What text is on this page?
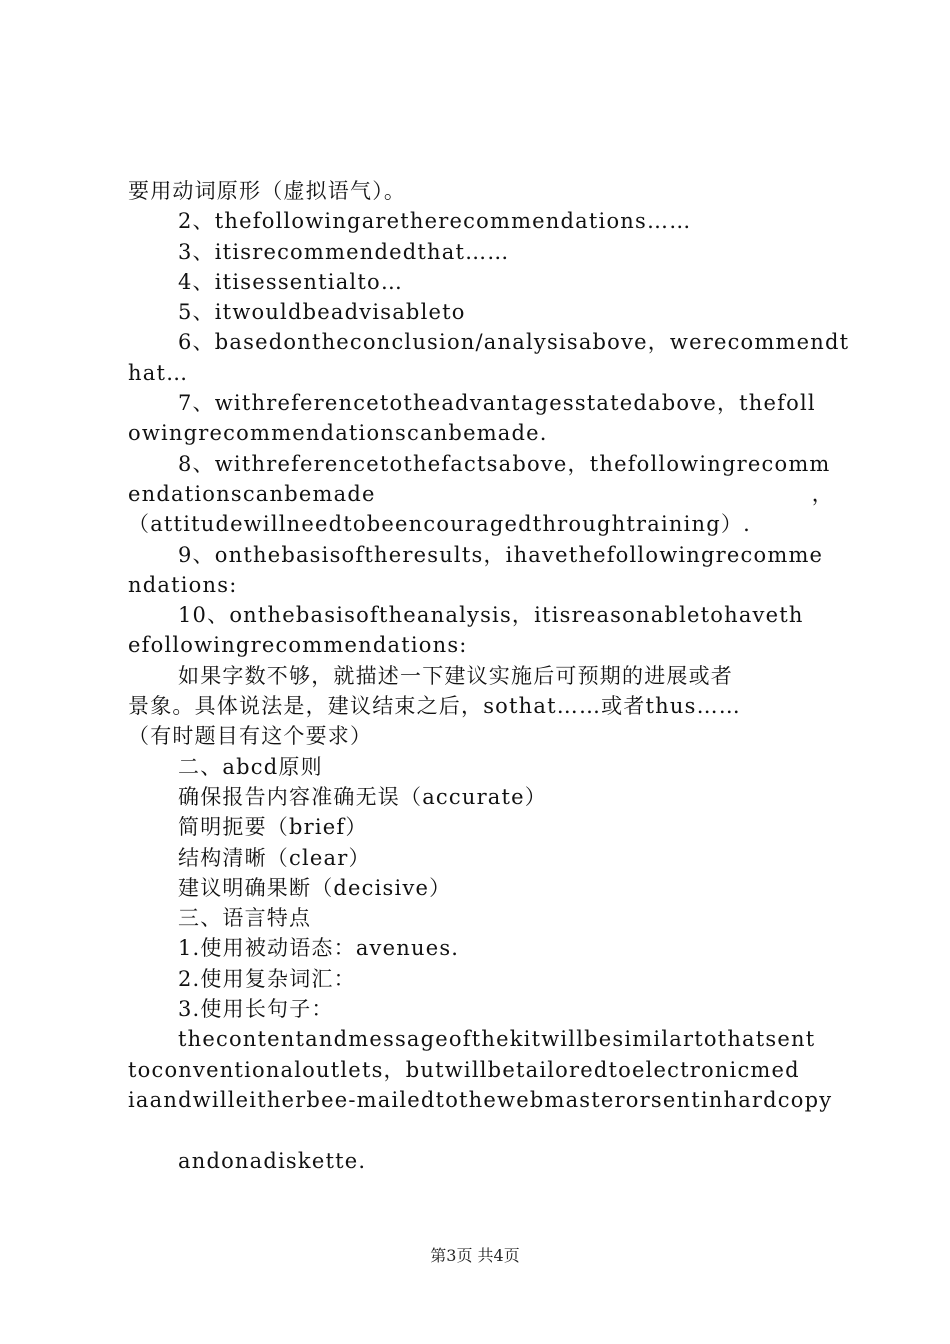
要用动词原形（虚拟语气）。
2、thefollowingaretherecommendations……
3、itisrecommendedthat……
4、itisessentialto…
5、itwouldbeadvisableto
6、basedontheconclusion/analysisabove，werecommendt
hat…
7、withreferencetotheadvantagesstatedabove，thefoll
owingrecommendationscanbemade.
8、withreferencetothefactsabove，thefollowingrecomm
endationscanbemade	，
（attitudewillneedtobeencouragedthroughtraining）.
9、onthebasisoftheresults，ihavethefollowingrecomme
ndations:
10、onthebasisoftheanalysis，itisreasonabletohaveth
efollowingrecommendations:
如果字数不够，就描述一下建议实施后可预期的进展或者
景象。具体说法是，建议结束之后，sothat……或者thus……
（有时题目有这个要求）
二、abcd原则
确保报告内容准确无误（accurate）
简明扼要（brief）
结构清晰（clear）
建议明确果断（decisive）
三、语言特点
1.使用被动语态：avenues.
2.使用复杂词汇：
3.使用长句子：
thecontentandmessageofthekitwillbesimilartothatsent
toconventionaloutlets，butwillbetailoredtoelectronicmed
iaandwilleitherbee-mailedtothewebmasterorsentinhardcopy
andonadiskette.
第3页 共4页
